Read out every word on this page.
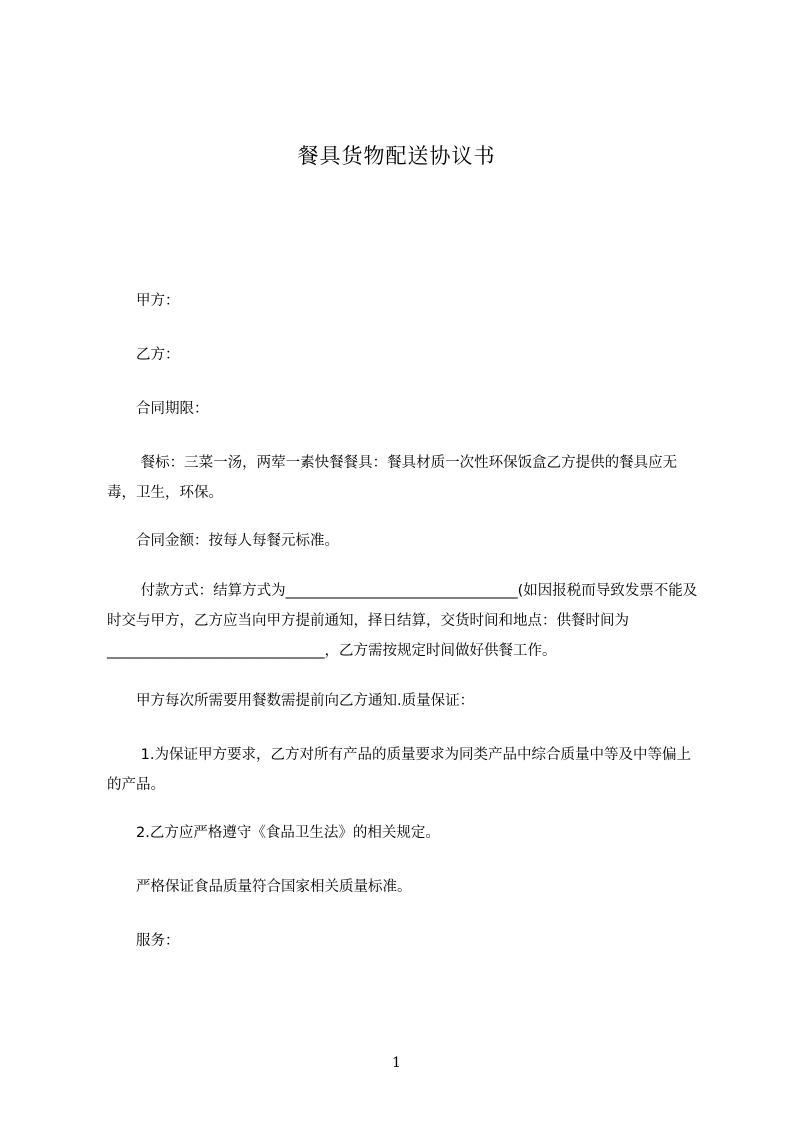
餐具货物配送协议书
甲方：
乙方：
合同期限：
餐标：三菜一汤，两荤一素快餐餐具：餐具材质一次性环保饭盒乙方提供的餐具应无毒，卫生，环保。
合同金额：按每人每餐元标准。
付款方式：结算方式为________________________________(如因报税而导致发票不能及时交与甲方，乙方应当向甲方提前通知，择日结算，交货时间和地点：供餐时间为______________________________，乙方需按规定时间做好供餐工作。
甲方每次所需要用餐数需提前向乙方通知.质量保证：
1.为保证甲方要求，乙方对所有产品的质量要求为同类产品中综合质量中等及中等偏上的产品。
2.乙方应严格遵守《食品卫生法》的相关规定。
严格保证食品质量符合国家相关质量标准。
服务：
1
